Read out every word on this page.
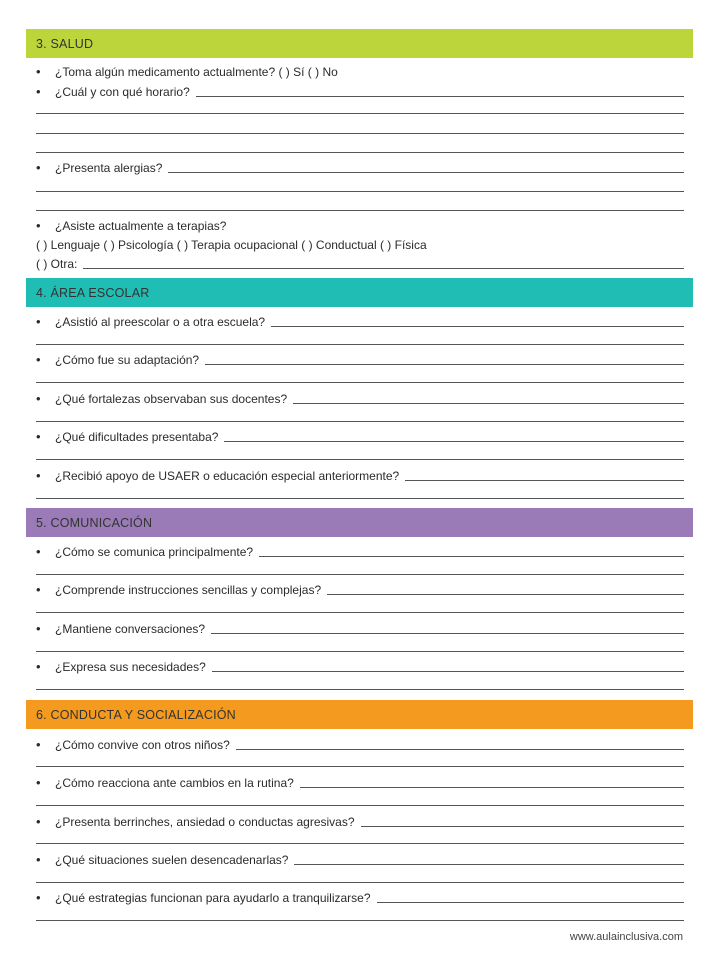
3. SALUD
•	¿Toma algún medicamento actualmente? ( ) Sí ( ) No
•	¿Cuál y con qué horario?
•	¿Presenta alergias?
•	¿Asiste actualmente a terapias?
( ) Lenguaje ( ) Psicología ( ) Terapia ocupacional ( ) Conductual ( ) Física
( ) Otra:
4. ÁREA ESCOLAR
•	¿Asistió al preescolar o a otra escuela?
•	¿Cómo fue su adaptación?
•	¿Qué fortalezas observaban sus docentes?
•	¿Qué dificultades presentaba?
•	¿Recibió apoyo de USAER o educación especial anteriormente?
5. COMUNICACIÓN
•	¿Cómo se comunica principalmente?
•	¿Comprende instrucciones sencillas y complejas?
•	¿Mantiene conversaciones?
•	¿Expresa sus necesidades?
6. CONDUCTA Y SOCIALIZACIÓN
•	¿Cómo convive con otros niños?
•	¿Cómo reacciona ante cambios en la rutina?
•	¿Presenta berrinches, ansiedad o conductas agresivas?
•	¿Qué situaciones suelen desencadenarlas?
•	¿Qué estrategias funcionan para ayudarlo a tranquilizarse?
www.aulainclusiva.com
